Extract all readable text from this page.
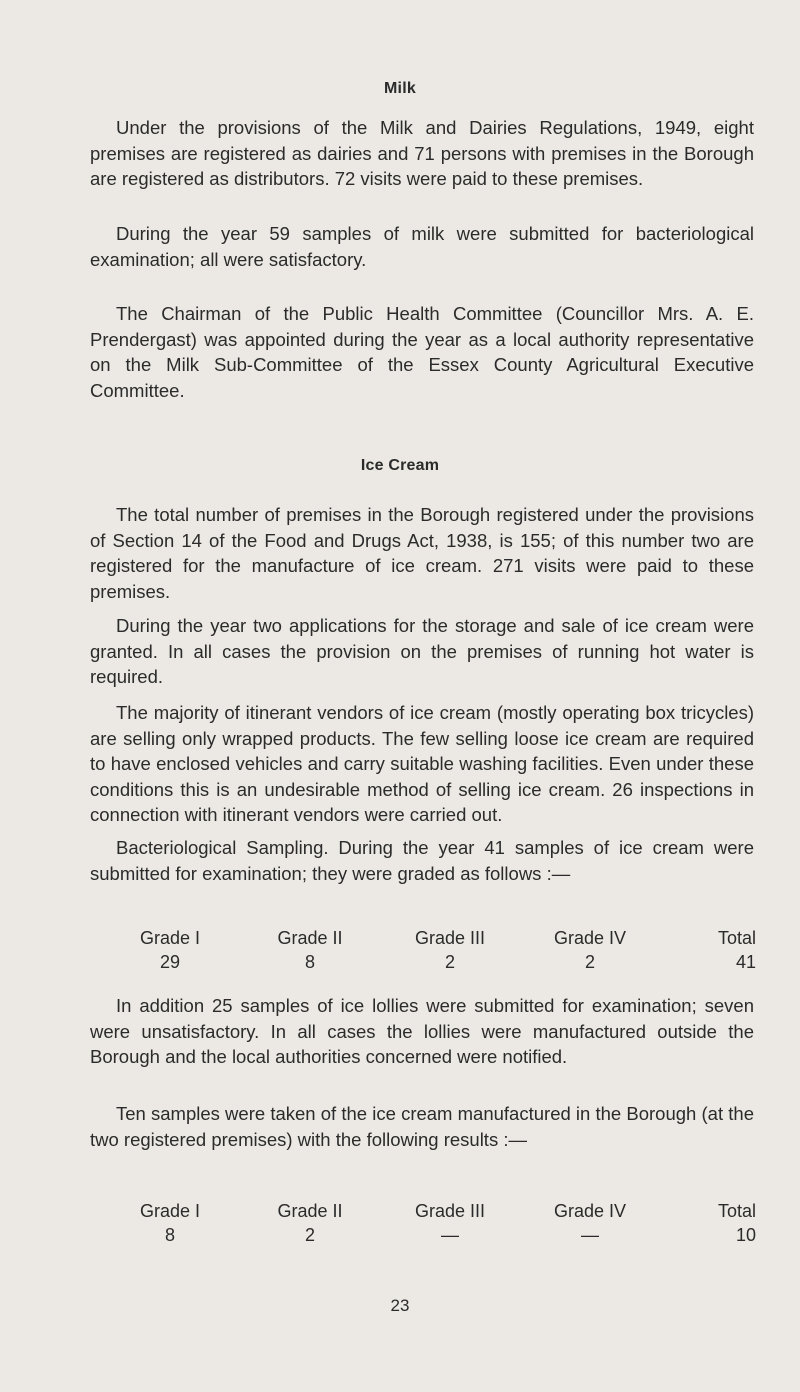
Milk

Under the provisions of the Milk and Dairies Regulations, 1949, eight premises are registered as dairies and 71 persons with premises in the Borough are registered as distributors. 72 visits were paid to these premises.

During the year 59 samples of milk were submitted for bacteriological examination; all were satisfactory.

The Chairman of the Public Health Committee (Councillor Mrs. A. E. Prendergast) was appointed during the year as a local authority representative on the Milk Sub-Committee of the Essex County Agricultural Executive Committee.

Ice Cream

The total number of premises in the Borough registered under the provisions of Section 14 of the Food and Drugs Act, 1938, is 155; of this number two are registered for the manufacture of ice cream. 271 visits were paid to these premises.

During the year two applications for the storage and sale of ice cream were granted. In all cases the provision on the premises of running hot water is required.

The majority of itinerant vendors of ice cream (mostly operating box tricycles) are selling only wrapped products. The few selling loose ice cream are required to have enclosed vehicles and carry suitable washing facilities. Even under these conditions this is an undesirable method of selling ice cream. 26 inspections in connection with itinerant vendors were carried out.

Bacteriological Sampling. During the year 41 samples of ice cream were submitted for examination; they were graded as follows :—

Grade I	Grade II	Grade III	Grade IV	Total
29	8	2	2	41

In addition 25 samples of ice lollies were submitted for examination; seven were unsatisfactory. In all cases the lollies were manufactured outside the Borough and the local authorities concerned were notified.

Ten samples were taken of the ice cream manufactured in the Borough (at the two registered premises) with the following results :—

Grade I	Grade II	Grade III	Grade IV	Total
8	2	—	—	10
23
